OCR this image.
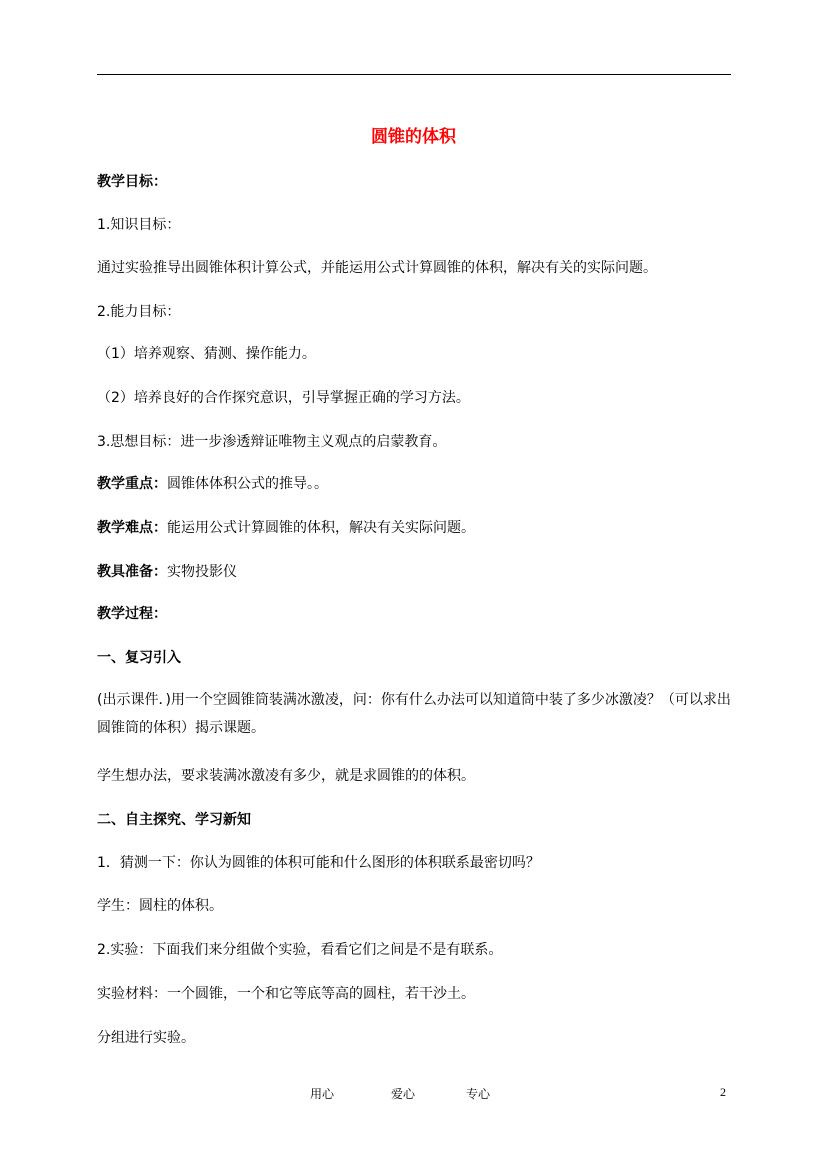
圆锥的体积
教学目标：
1.知识目标：
通过实验推导出圆锥体积计算公式，并能运用公式计算圆锥的体积，解决有关的实际问题。
2.能力目标：
（1）培养观察、猜测、操作能力。
（2）培养良好的合作探究意识，引导掌握正确的学习方法。
3.思想目标：进一步渗透辩证唯物主义观点的启蒙教育。
教学重点：圆锥体体积公式的推导。。
教学难点：能运用公式计算圆锥的体积，解决有关实际问题。
教具准备：实物投影仪
教学过程：
一、复习引入
(出示课件．)用一个空圆锥筒装满冰激凌，问：你有什么办法可以知道筒中装了多少冰激凌？（可以求出圆锥筒的体积）揭示课题。
学生想办法，要求装满冰激凌有多少，就是求圆锥的的体积。
二、自主探究、学习新知
1．猜测一下：你认为圆锥的体积可能和什么图形的体积联系最密切吗？
学生：圆柱的体积。
2.实验：下面我们来分组做个实验，看看它们之间是不是有联系。
实验材料：一个圆锥，一个和它等底等高的圆柱，若干沙土。
分组进行实验。
用心	爱心	专心	2
